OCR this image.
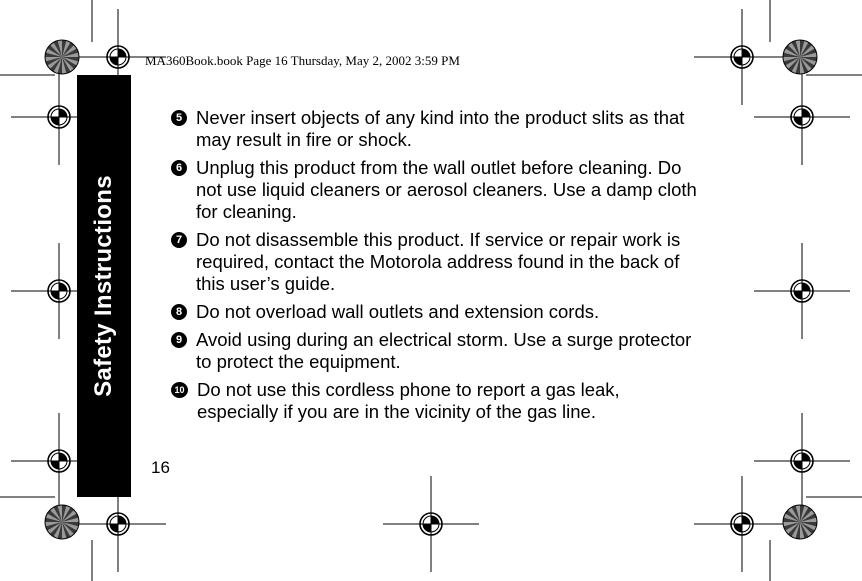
MA360Book.book Page 16 Thursday, May 2, 2002 3:59 PM
Safety Instructions
16
5 Never insert objects of any kind into the product slits as that may result in fire or shock.
6 Unplug this product from the wall outlet before cleaning. Do not use liquid cleaners or aerosol cleaners. Use a damp cloth for cleaning.
7 Do not disassemble this product. If service or repair work is required, contact the Motorola address found in the back of this user’s guide.
8 Do not overload wall outlets and extension cords.
9 Avoid using during an electrical storm. Use a surge protector to protect the equipment.
10 Do not use this cordless phone to report a gas leak, especially if you are in the vicinity of the gas line.
